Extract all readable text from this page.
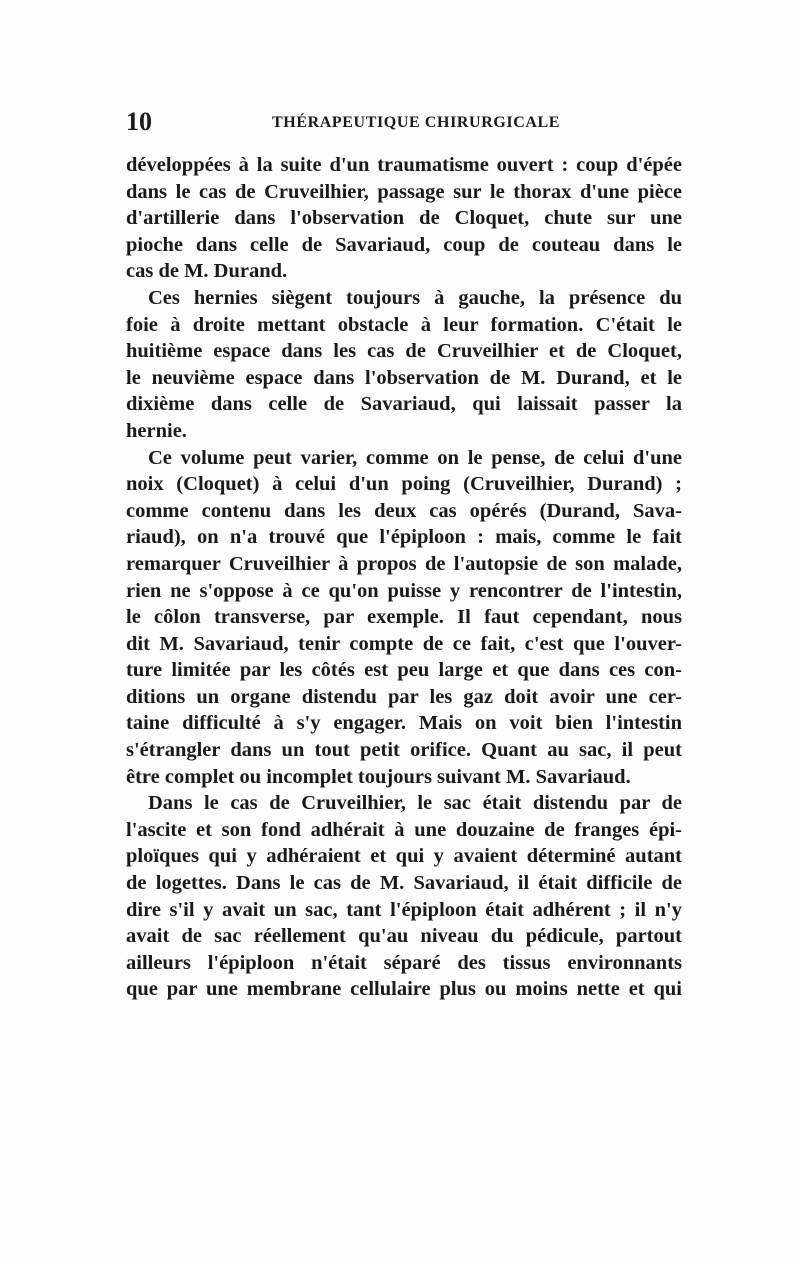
10	THÉRAPEUTIQUE CHIRURGICALE
développées à la suite d'un traumatisme ouvert : coup d'épée
dans le cas de Cruveilhier, passage sur le thorax d'une pièce
d'artillerie dans l'observation de Cloquet, chute sur une
pioche dans celle de Savariaud, coup de couteau dans le
cas de M. Durand.
Ces hernies siègent toujours à gauche, la présence du
foie à droite mettant obstacle à leur formation. C'était le
huitième espace dans les cas de Cruveilhier et de Cloquet,
le neuvième espace dans l'observation de M. Durand, et le
dixième dans celle de Savariaud, qui laissait passer la
hernie.
Ce volume peut varier, comme on le pense, de celui d'une
noix (Cloquet) à celui d'un poing (Cruveilhier, Durand) ;
comme contenu dans les deux cas opérés (Durand, Sava-
riaud), on n'a trouvé que l'épiploon : mais, comme le fait
remarquer Cruveilhier à propos de l'autopsie de son malade,
rien ne s'oppose à ce qu'on puisse y rencontrer de l'intestin,
le côlon transverse, par exemple. Il faut cependant, nous
dit M. Savariaud, tenir compte de ce fait, c'est que l'ouver-
ture limitée par les côtés est peu large et que dans ces con-
ditions un organe distendu par les gaz doit avoir une cer-
taine difficulté à s'y engager. Mais on voit bien l'intestin
s'étrangler dans un tout petit orifice. Quant au sac, il peut
être complet ou incomplet toujours suivant M. Savariaud.
Dans le cas de Cruveilhier, le sac était distendu par de
l'ascite et son fond adhérait à une douzaine de franges épi-
ploïques qui y adhéraient et qui y avaient déterminé autant
de logettes. Dans le cas de M. Savariaud, il était difficile de
dire s'il y avait un sac, tant l'épiploon était adhérent ; il n'y
avait de sac réellement qu'au niveau du pédicule, partout
ailleurs l'épiploon n'était séparé des tissus environnants
que par une membrane cellulaire plus ou moins nette et qui
